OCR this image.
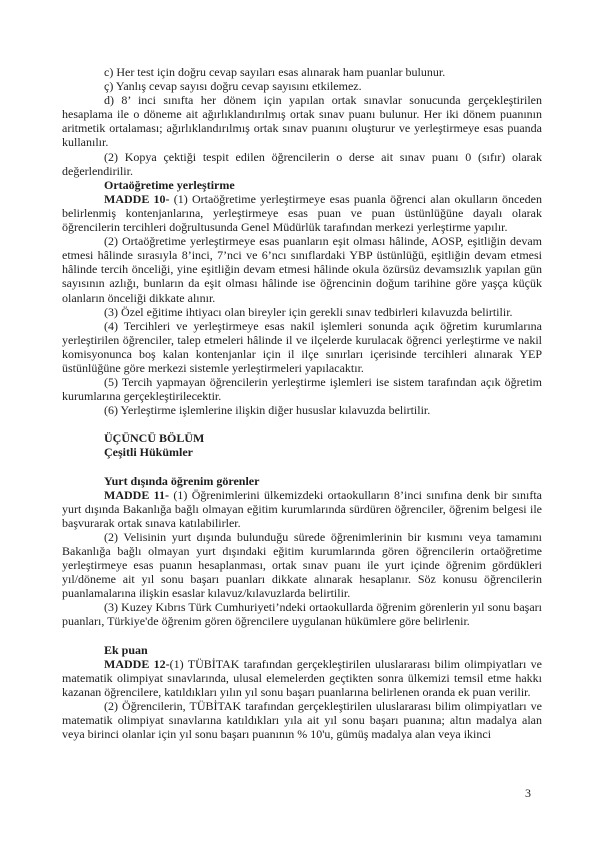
c) Her test için doğru cevap sayıları esas alınarak ham puanlar bulunur.

ç) Yanlış cevap sayısı doğru cevap sayısını etkilemez.

d) 8’ inci sınıfta her dönem için yapılan ortak sınavlar sonucunda gerçekleştirilen hesaplama ile o döneme ait ağırlıklandırılmış ortak sınav puanı bulunur. Her iki dönem puanının aritmetik ortalaması; ağırlıklandırılmış ortak sınav puanını oluşturur ve yerleştirmeye esas puanda kullanılır.

(2) Kopya çektiği tespit edilen öğrencilerin o derse ait sınav puanı 0 (sıfır) olarak değerlendirilir.

Ortaöğretime yerleştirme

MADDE 10- (1) Ortaöğretime yerleştirmeye esas puanla öğrenci alan okulların önceden belirlenmiş kontenjanlarına, yerleştirmeye esas puan ve puan üstünlüğüne dayalı olarak öğrencilerin tercihleri doğrultusunda Genel Müdürlük tarafından merkezi yerleştirme yapılır.

(2) Ortaöğretime yerleştirmeye esas puanların eşit olması hâlinde, AOSP, eşitliğin devam etmesi hâlinde sırasıyla 8’inci, 7’nci ve 6’ncı sınıflardaki YBP üstünlüğü, eşitliğin devam etmesi hâlinde tercih önceliği, yine eşitliğin devam etmesi hâlinde okula özürsüz devamsızlık yapılan gün sayısının azlığı, bunların da eşit olması hâlinde ise öğrencinin doğum tarihine göre yaşça küçük olanların önceliği dikkate alınır.

(3) Özel eğitime ihtiyacı olan bireyler için gerekli sınav tedbirleri kılavuzda belirtilir.

(4) Tercihleri ve yerleştirmeye esas nakil işlemleri sonunda açık öğretim kurumlarına yerleştirilen öğrenciler, talep etmeleri hâlinde il ve ilçelerde kurulacak öğrenci yerleştirme ve nakil komisyonunca boş kalan kontenjanlar için il ilçe sınırları içerisinde tercihleri alınarak YEP üstünlüğüne göre merkezi sistemle yerleştirmeleri yapılacaktır.

(5) Tercih yapmayan öğrencilerin yerleştirme işlemleri ise sistem tarafından açık öğretim kurumlarına gerçekleştirilecektir.

(6) Yerleştirme işlemlerine ilişkin diğer hususlar kılavuzda belirtilir.

ÜÇÜNCÜ BÖLÜM

Çeşitli Hükümler

Yurt dışında öğrenim görenler

MADDE 11- (1) Öğrenimlerini ülkemizdeki ortaokulların 8’inci sınıfına denk bir sınıfta yurt dışında Bakanlığa bağlı olmayan eğitim kurumlarında sürdüren öğrenciler, öğrenim belgesi ile başvurarak ortak sınava katılabilirler.

(2) Velisinin yurt dışında bulunduğu sürede öğrenimlerinin bir kısmını veya tamamını Bakanlığa bağlı olmayan yurt dışındaki eğitim kurumlarında gören öğrencilerin ortaöğretime yerleştirmeye esas puanın hesaplanması, ortak sınav puanı ile yurt içinde öğrenim gördükleri yıl/döneme ait yıl sonu başarı puanları dikkate alınarak hesaplanır. Söz konusu öğrencilerin puanlamalarına ilişkin esaslar kılavuz/kılavuzlarda belirtilir.

(3) Kuzey Kıbrıs Türk Cumhuriyeti’ndeki ortaokullarda öğrenim görenlerin yıl sonu başarı puanları, Türkiye'de öğrenim gören öğrencilere uygulanan hükümlere göre belirlenir.

Ek puan

MADDE 12-(1) TÜBİTAK tarafından gerçekleştirilen uluslararası bilim olimpiyatları ve matematik olimpiyat sınavlarında, ulusal elemelerden geçtikten sonra ülkemizi temsil etme hakkı kazanan öğrencilere, katıldıkları yılın yıl sonu başarı puanlarına belirlenen oranda ek puan verilir.

(2) Öğrencilerin, TÜBİTAK tarafından gerçekleştirilen uluslararası bilim olimpiyatları ve matematik olimpiyat sınavlarına katıldıkları yıla ait yıl sonu başarı puanına; altın madalya alan veya birinci olanlar için yıl sonu başarı puanının % 10'u, gümüş madalya alan veya ikinci

3
